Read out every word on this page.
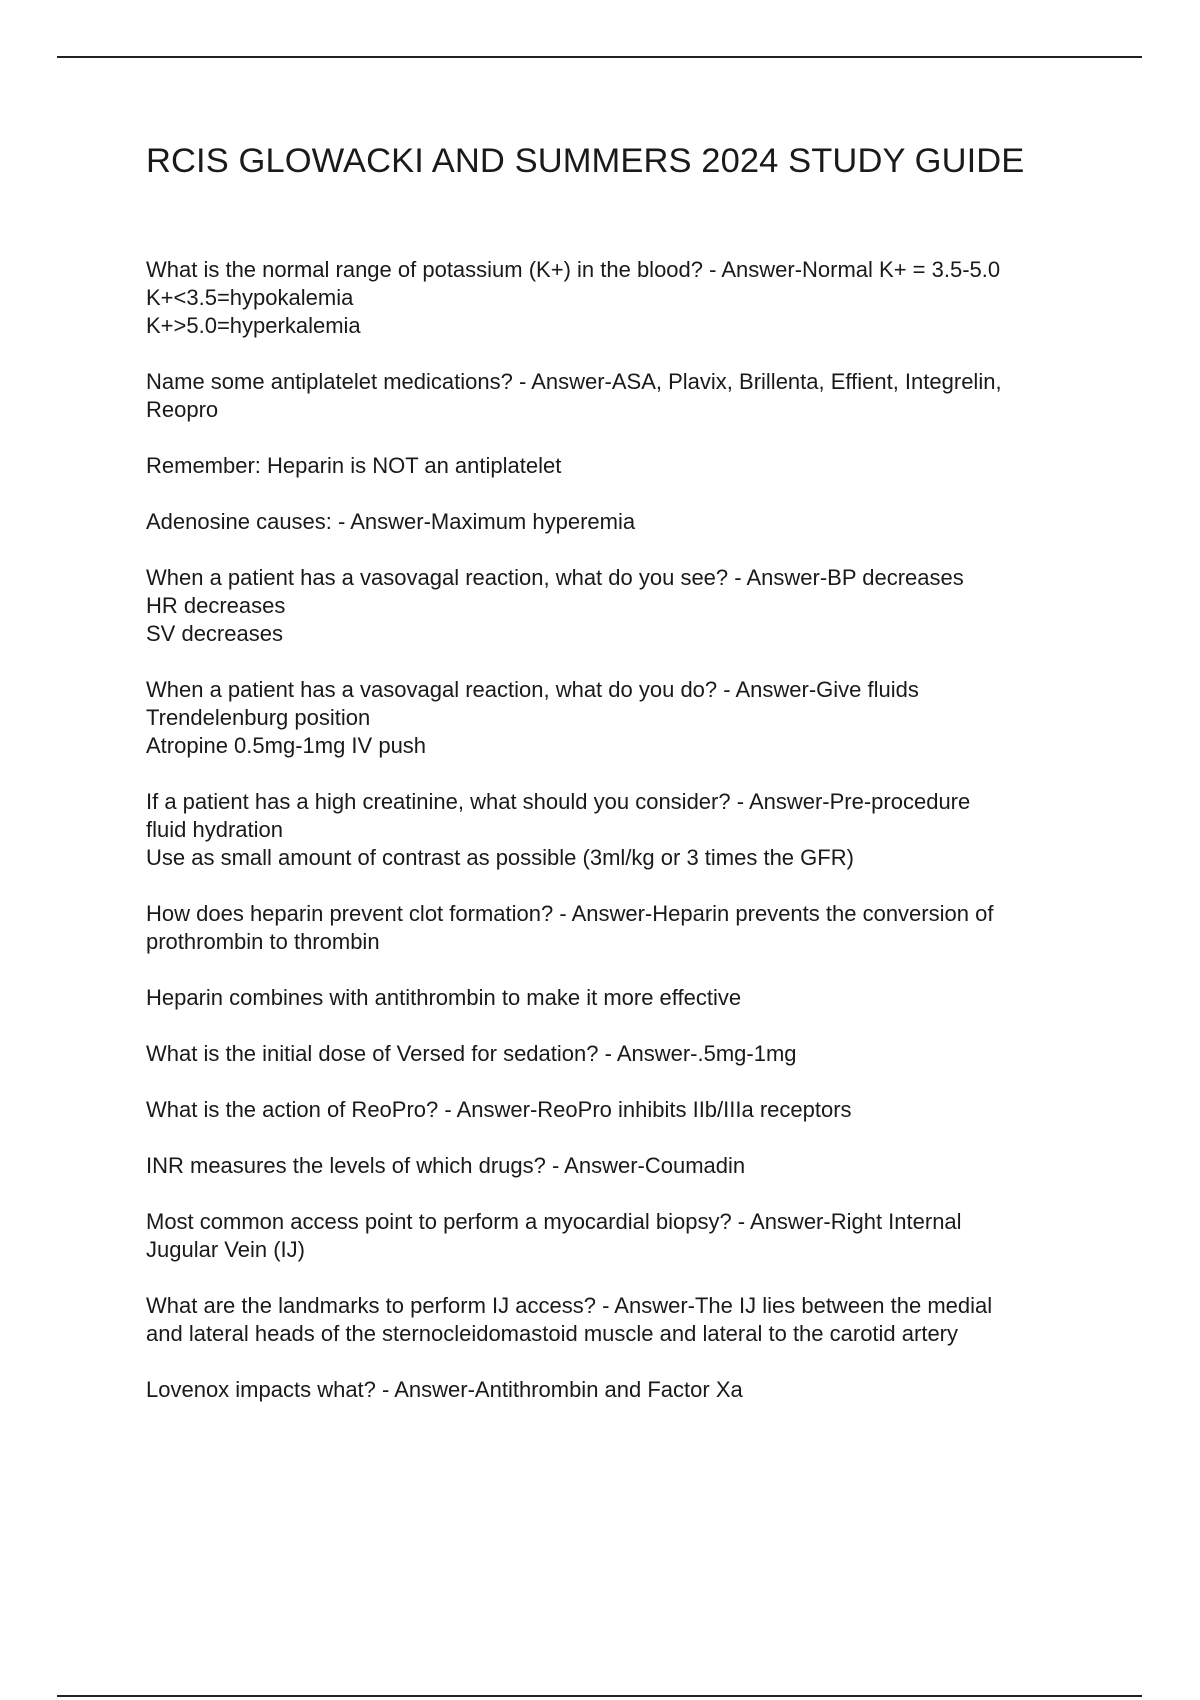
RCIS GLOWACKI AND SUMMERS 2024 STUDY GUIDE
What is the normal range of potassium (K+) in the blood? - Answer-Normal K+ = 3.5-5.0
K+<3.5=hypokalemia
K+>5.0=hyperkalemia
Name some antiplatelet medications? - Answer-ASA, Plavix, Brillenta, Effient, Integrelin,
Reopro
Remember: Heparin is NOT an antiplatelet
Adenosine causes: - Answer-Maximum hyperemia
When a patient has a vasovagal reaction, what do you see? - Answer-BP decreases
HR decreases
SV decreases
When a patient has a vasovagal reaction, what do you do? - Answer-Give fluids
Trendelenburg position
Atropine 0.5mg-1mg IV push
If a patient has a high creatinine, what should you consider? - Answer-Pre-procedure
fluid hydration
Use as small amount of contrast as possible (3ml/kg or 3 times the GFR)
How does heparin prevent clot formation? - Answer-Heparin prevents the conversion of
prothrombin to thrombin
Heparin combines with antithrombin to make it more effective
What is the initial dose of Versed for sedation? - Answer-.5mg-1mg
What is the action of ReoPro? - Answer-ReoPro inhibits IIb/IIIa receptors
INR measures the levels of which drugs? - Answer-Coumadin
Most common access point to perform a myocardial biopsy? - Answer-Right Internal
Jugular Vein (IJ)
What are the landmarks to perform IJ access? - Answer-The IJ lies between the medial
and lateral heads of the sternocleidomastoid muscle and lateral to the carotid artery
Lovenox impacts what? - Answer-Antithrombin and Factor Xa
